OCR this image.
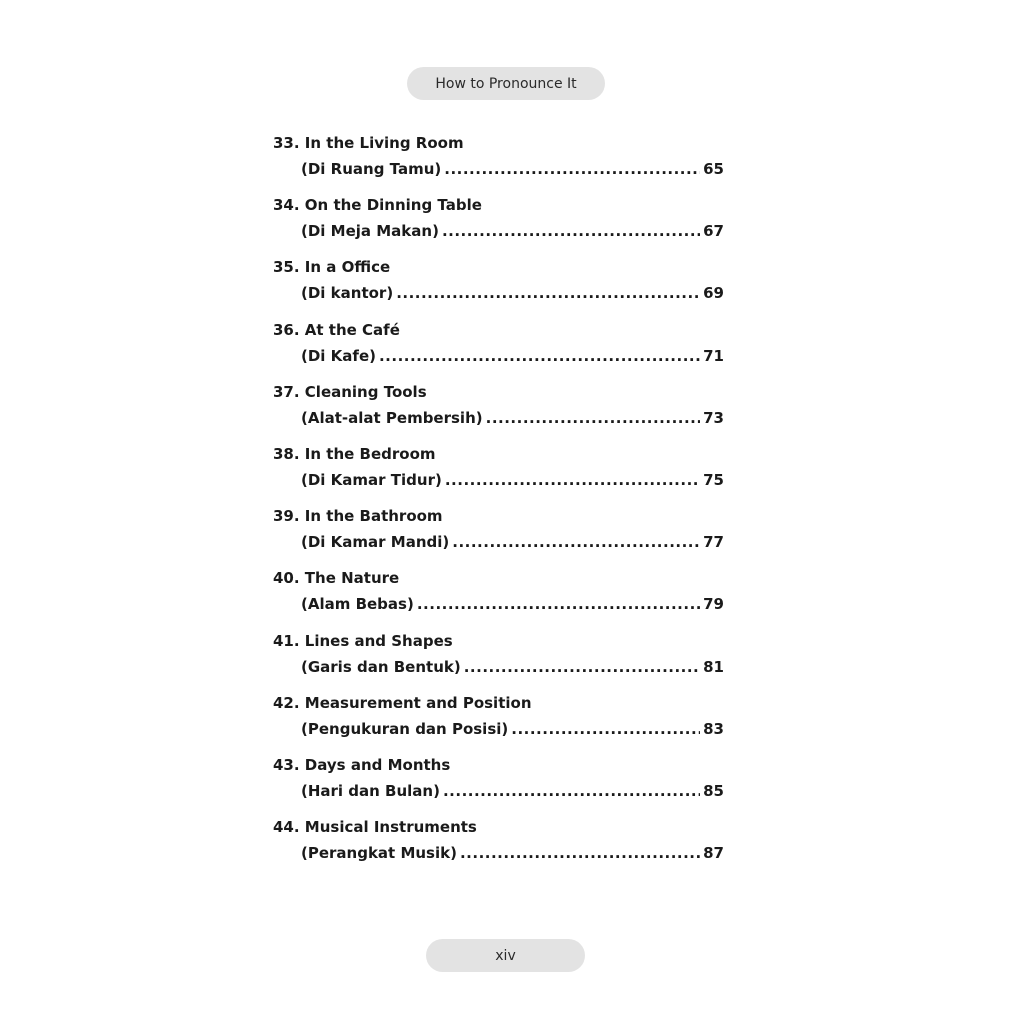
How to Pronounce It
33. In the Living Room
(Di Ruang Tamu) .....	65
34. On the Dinning Table
(Di Meja Makan) .....	67
35. In a Office
(Di kantor) .....	69
36. At the Café
(Di Kafe) .....	71
37. Cleaning Tools
(Alat-alat Pembersih) .....	73
38. In the Bedroom
(Di Kamar Tidur) .....	75
39. In the Bathroom
(Di Kamar Mandi) .....	77
40. The Nature
(Alam Bebas) .....	79
41. Lines and Shapes
(Garis dan Bentuk) .....	81
42. Measurement and Position
(Pengukuran dan Posisi) .....	83
43. Days and Months
(Hari dan Bulan) .....	85
44. Musical Instruments
(Perangkat Musik) .....	87
xiv
